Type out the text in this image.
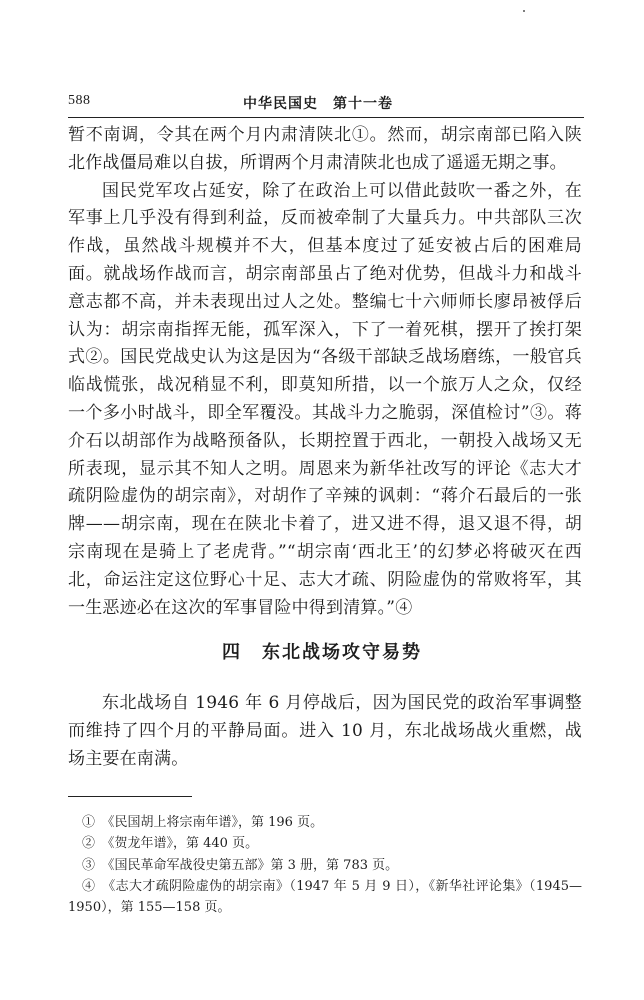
588	中华民国史　第十一卷

暂不南调，令其在两个月内肃清陕北①。然而，胡宗南部已陷入陕北作战僵局难以自拔，所谓两个月肃清陕北也成了遥遥无期之事。

国民党军攻占延安，除了在政治上可以借此鼓吹一番之外，在军事上几乎没有得到利益，反而被牵制了大量兵力。中共部队三次作战，虽然战斗规模并不大，但基本度过了延安被占后的困难局面。就战场作战而言，胡宗南部虽占了绝对优势，但战斗力和战斗意志都不高，并未表现出过人之处。整编七十六师师长廖昂被俘后认为：胡宗南指挥无能，孤军深入，下了一着死棋，摆开了挨打架式②。国民党战史认为这是因为“各级干部缺乏战场磨练，一般官兵临战慌张，战况稍显不利，即莫知所措，以一个旅万人之众，仅经一个多小时战斗，即全军覆没。其战斗力之脆弱，深值检讨”③。蒋介石以胡部作为战略预备队，长期控置于西北，一朝投入战场又无所表现，显示其不知人之明。周恩来为新华社改写的评论《志大才疏阴险虚伪的胡宗南》，对胡作了辛辣的讽刺：“蒋介石最后的一张牌——胡宗南，现在在陕北卡着了，进又进不得，退又退不得，胡宗南现在是骑上了老虎背。”“胡宗南‘西北王’的幻梦必将破灭在西北，命运注定这位野心十足、志大才疏、阴险虚伪的常败将军，其一生恶迹必在这次的军事冒险中得到清算。”④

四　东北战场攻守易势

东北战场自 1946 年 6 月停战后，因为国民党的政治军事调整而维持了四个月的平静局面。进入 10 月，东北战场战火重燃，战场主要在南满。

①　《民国胡上将宗南年谱》，第 196 页。

②　《贺龙年谱》，第 440 页。

③　《国民革命军战役史第五部》第 3 册，第 783 页。

④　《志大才疏阴险虚伪的胡宗南》（1947 年 5 月 9 日），《新华社评论集》（1945—1950），第 155—158 页。
